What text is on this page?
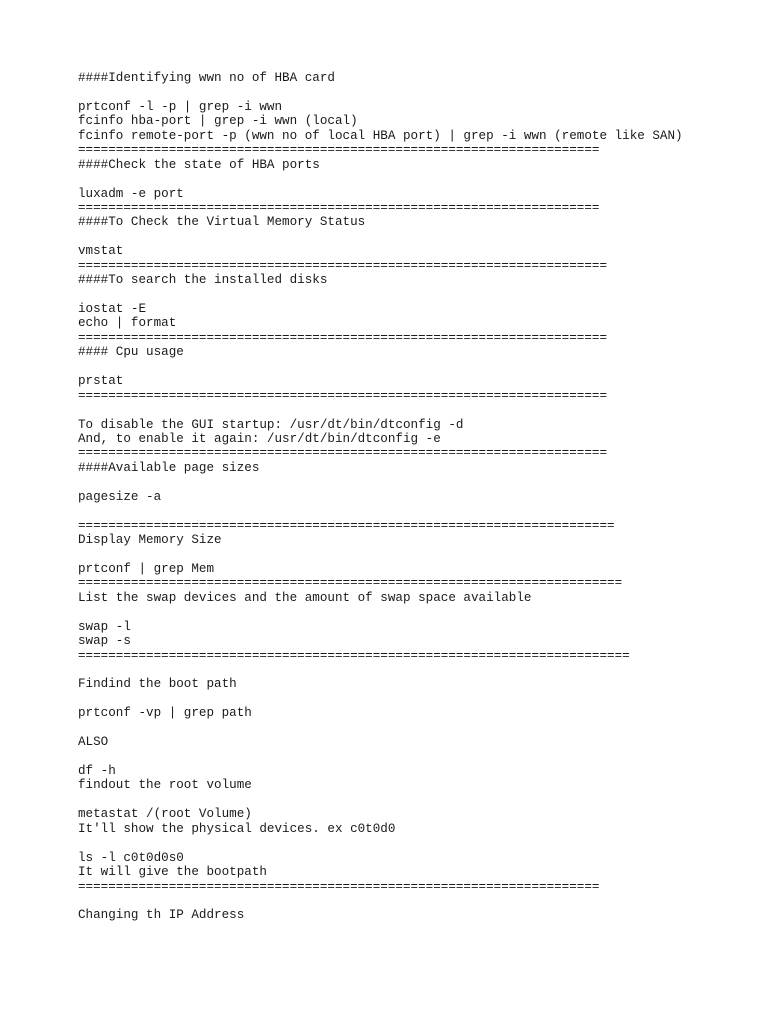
####Identifying wwn no of HBA card

prtconf -l -p | grep -i wwn
fcinfo hba-port | grep -i wwn (local)
fcinfo remote-port -p (wwn no of local HBA port) | grep -i wwn (remote like SAN)
=====================================================================
####Check the state of HBA ports

luxadm -e port
=====================================================================
####To Check the Virtual Memory Status

vmstat
======================================================================
####To search the installed disks

iostat -E
echo | format
======================================================================
#### Cpu usage

prstat
======================================================================

To disable the GUI startup: /usr/dt/bin/dtconfig -d
And, to enable it again: /usr/dt/bin/dtconfig -e
======================================================================
####Available page sizes

pagesize -a

=======================================================================
Display Memory Size

prtconf | grep Mem
========================================================================
List the swap devices and the amount of swap space available

swap -l
swap -s
=========================================================================

Findind the boot path

prtconf -vp | grep path

ALSO

df -h
findout the root volume

metastat /(root Volume)
It'll show the physical devices. ex c0t0d0

ls -l c0t0d0s0
It will give the bootpath
=====================================================================

Changing th IP Address
